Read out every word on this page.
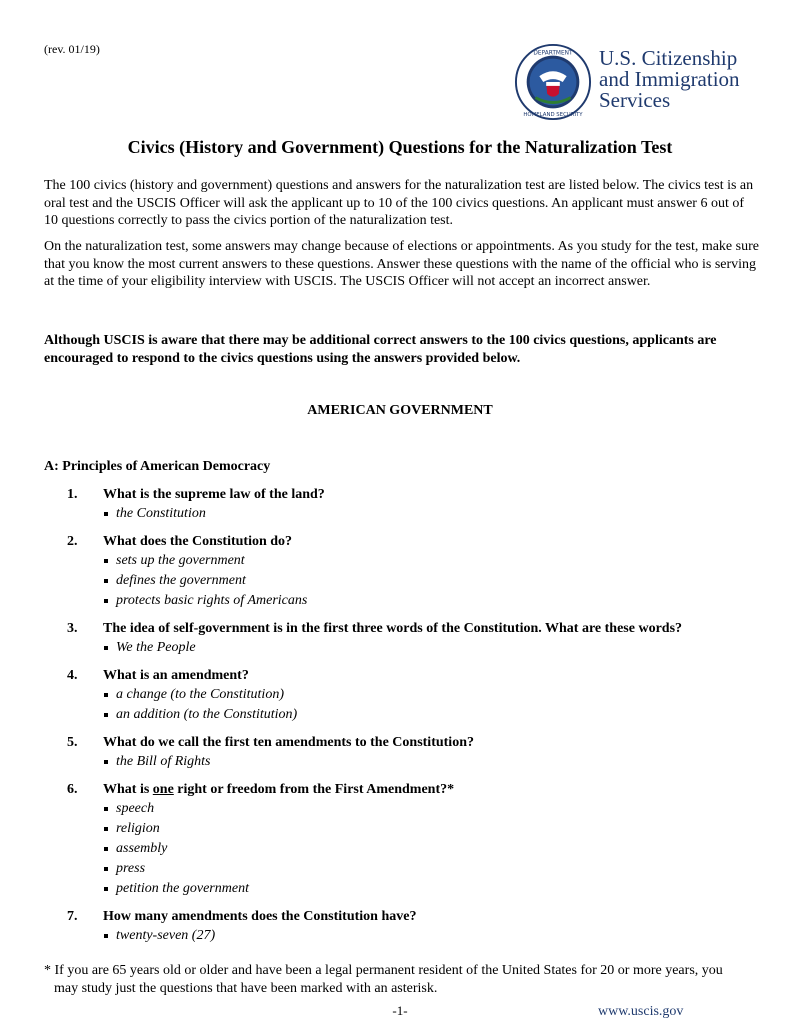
(rev. 01/19)	DEPARTMENT
HOMELAND SECURITY
U.S. Citizenship
and Immigration
Services
Civics (History and Government) Questions for the Naturalization Test
The 100 civics (history and government) questions and answers for the naturalization test are listed below. The civics test is an oral test and the USCIS Officer will ask the applicant up to 10 of the 100 civics questions. An applicant must answer 6 out of 10 questions correctly to pass the civics portion of the naturalization test.
On the naturalization test, some answers may change because of elections or appointments. As you study for the test, make sure that you know the most current answers to these questions. Answer these questions with the name of the official who is serving at the time of your eligibility interview with USCIS. The USCIS Officer will not accept an incorrect answer.
Although USCIS is aware that there may be additional correct answers to the 100 civics questions, applicants are encouraged to respond to the civics questions using the answers provided below.
AMERICAN GOVERNMENT
A: Principles of American Democracy
1.	What is the supreme law of the land?
the Constitution
2.	What does the Constitution do?
sets up the government
defines the government
protects basic rights of Americans
3.	The idea of self-government is in the first three words of the Constitution. What are these words?
We the People
4.	What is an amendment?
a change (to the Constitution)
an addition (to the Constitution)
5.	What do we call the first ten amendments to the Constitution?
the Bill of Rights
6.	What is one right or freedom from the First Amendment?*
speech
religion
assembly
press
petition the government
7.	How many amendments does the Constitution have?
twenty-seven (27)
* If you are 65 years old or older and have been a legal permanent resident of the United States for 20 or more years, you
may study just the questions that have been marked with an asterisk.
-1-	www.uscis.gov
